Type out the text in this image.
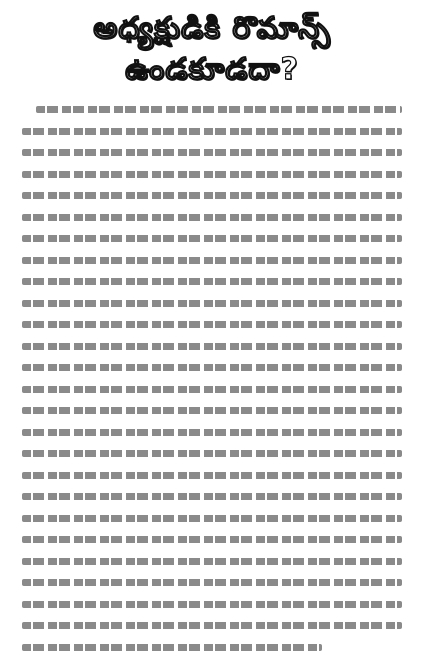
అధ్యక్షుడికి రొమాన్స్
ఉండకూడదా?
